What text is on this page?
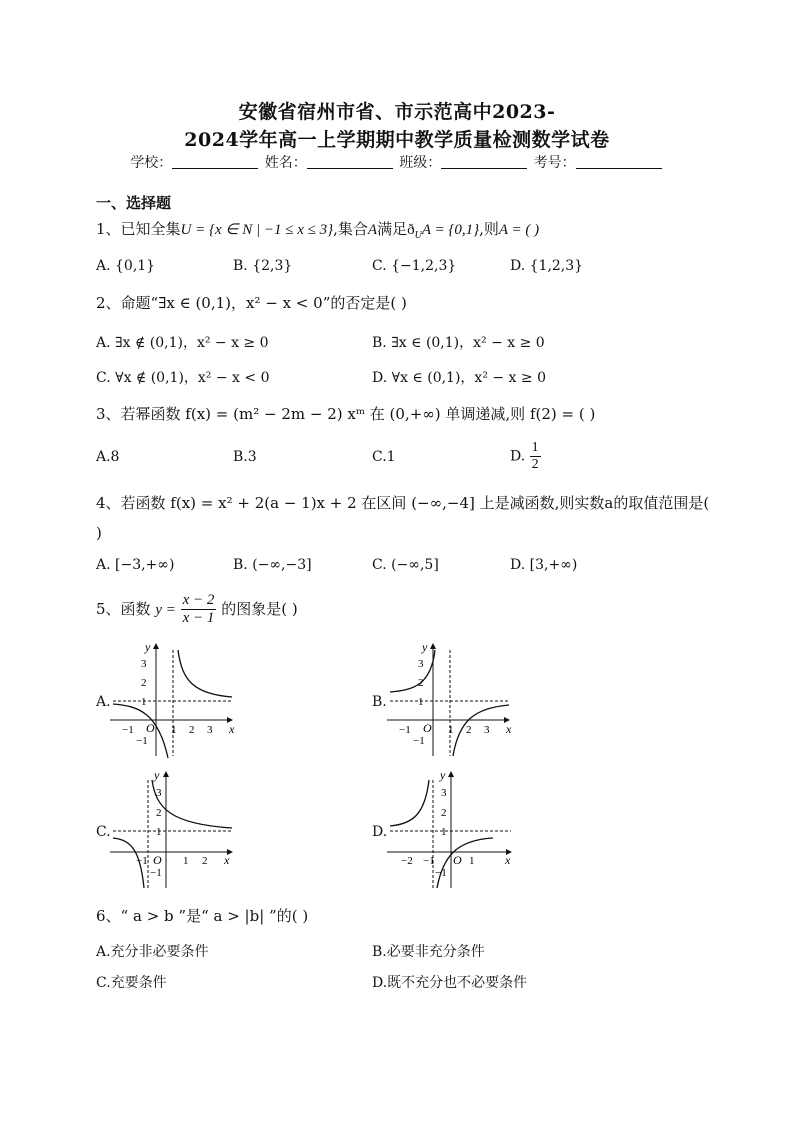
安徽省宿州市省、市示范高中2023-
2024学年高一上学期期中教学质量检测数学试卷
学校：	姓名：	班级：	考号：
一、选择题
1、已知全集U = {x ∈ N | −1 ≤ x ≤ 3},集合A满足$ð_UA = \{0,1\}$,则A = ( )
A. {0,1}	B. {2,3}	C. {−1,2,3}	D. {1,2,3}
2、命题“∃x ∈ (0,1)，x² − x < 0”的否定是( )
A. ∃x ∉ (0,1)，x² − x ≥ 0	B. ∃x ∈ (0,1)，x² − x ≥ 0
C. ∀x ∉ (0,1)，x² − x < 0	D. ∀x ∈ (0,1)，x² − x ≥ 0
3、若幂函数 f(x) = (m² − 2m − 2) xᵐ 在 (0,+∞) 单调递减,则 f(2) = ( )
A.8	B.3	C.1	D. $\frac{1}{2}$
4、若函数 f(x) = x² + 2(a − 1)x + 2 在区间 (−∞,−4] 上是减函数,则实数a的取值范围是(
)
A. [−3,+∞)	B. (−∞,−3]	C. (−∞,5]	D. [3,+∞)
5、函数 $y = \frac{x - 2}{x - 1}$ 的图象是( )
A.	B.
C.	D.
y
x
O
3
2
1
−1
−1	1 2 3
y
x
O
3
2
1
−1
−1	1 2 3
y
x
O
3
2
1
−1
−1	1 2
y
x
O
3
2
1
−1
−2 −1	1
6、“ a > b ”是“ a > |b| ”的( )
A.充分非必要条件	B.必要非充分条件
C.充要条件	D.既不充分也不必要条件
